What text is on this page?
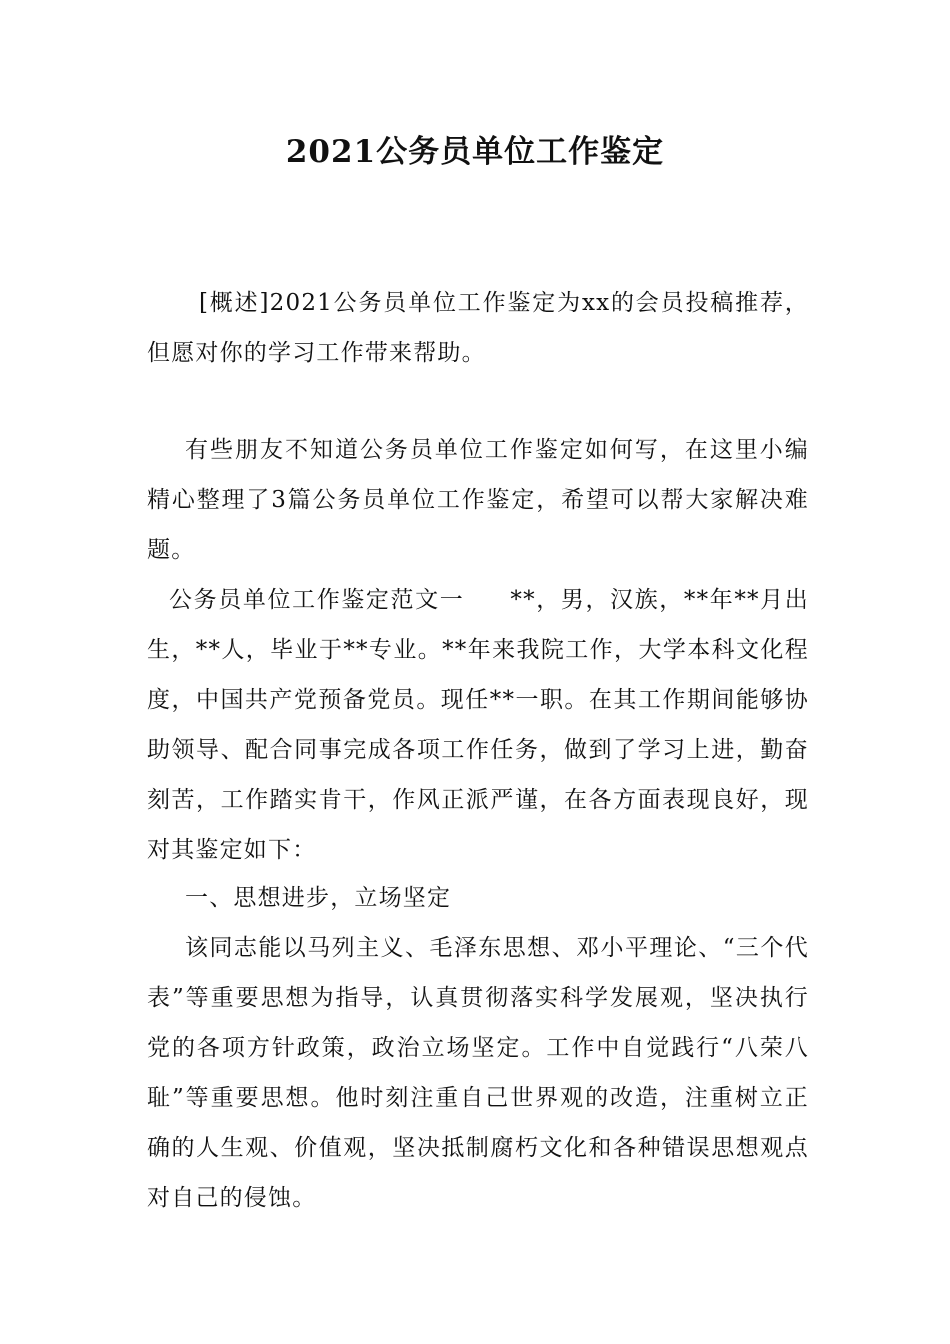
2021公务员单位工作鉴定

[概述]2021公务员单位工作鉴定为xx的会员投稿推荐，但愿对你的学习工作带来帮助。

有些朋友不知道公务员单位工作鉴定如何写，在这里小编精心整理了3篇公务员单位工作鉴定，希望可以帮大家解决难题。

公务员单位工作鉴定范文一 **，男，汉族，**年**月出生，**人，毕业于**专业。**年来我院工作，大学本科文化程度，中国共产党预备党员。现任**一职。在其工作期间能够协助领导、配合同事完成各项工作任务，做到了学习上进，勤奋刻苦，工作踏实肯干，作风正派严谨，在各方面表现良好，现对其鉴定如下：

一、思想进步，立场坚定

该同志能以马列主义、毛泽东思想、邓小平理论、“三个代表”等重要思想为指导，认真贯彻落实科学发展观，坚决执行党的各项方针政策，政治立场坚定。工作中自觉践行“八荣八耻”等重要思想。他时刻注重自己世界观的改造，注重树立正确的人生观、价值观，坚决抵制腐朽文化和各种错误思想观点对自己的侵蚀。
